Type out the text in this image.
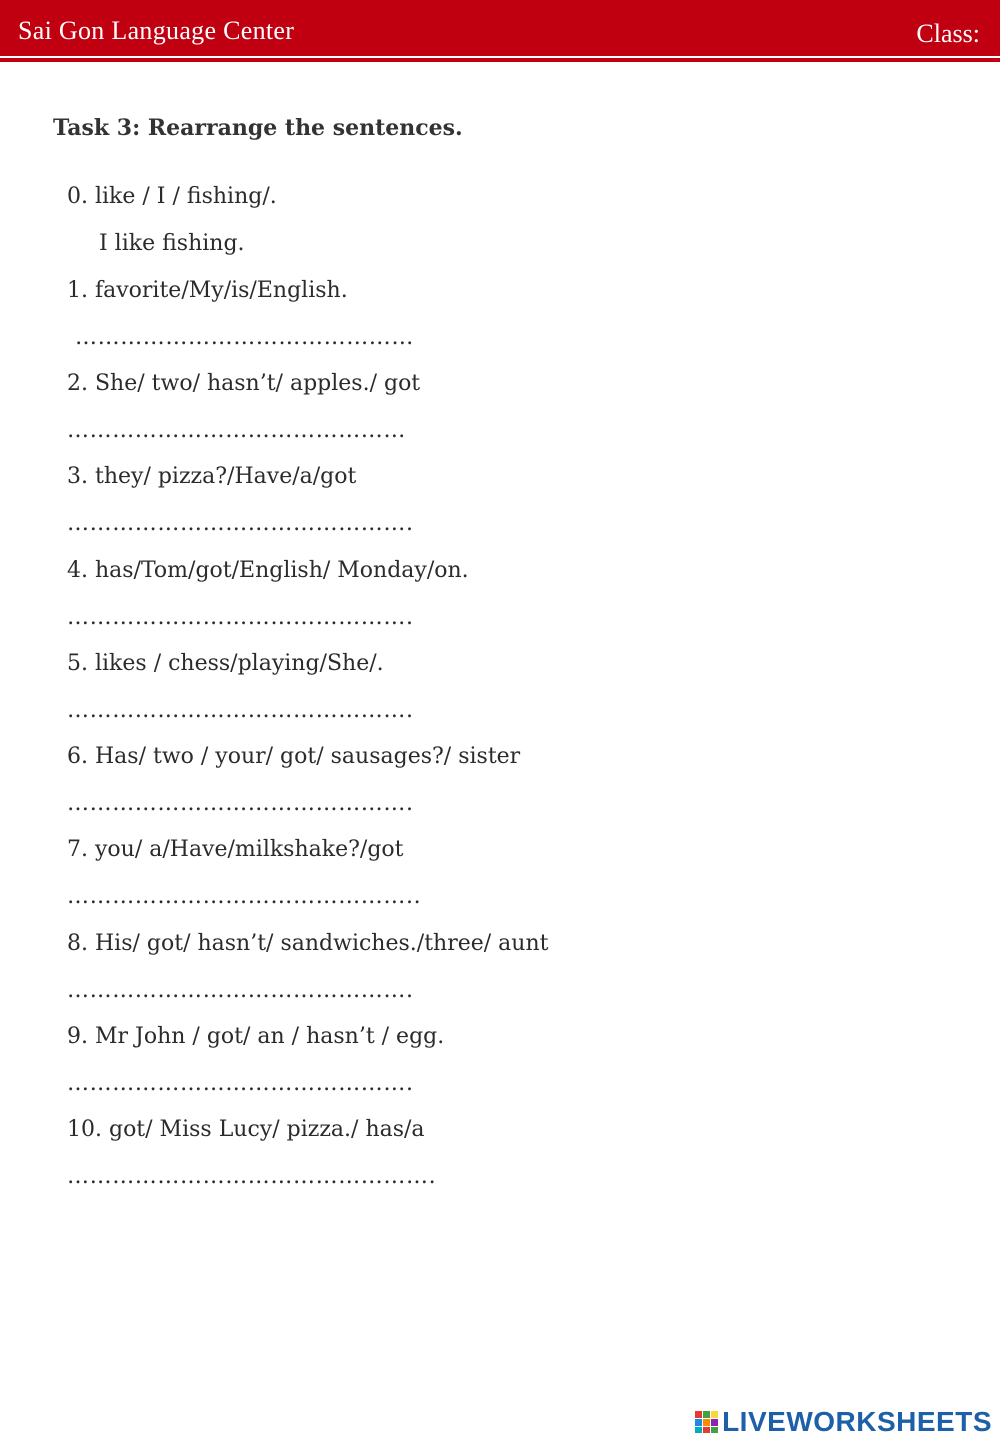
Sai Gon Language Center	Class:
Task 3: Rearrange the sentences.
0. like / I / fishing/.
I like fishing.
1. favorite/My/is/English.
………………………………………
2. She/ two/ hasn’t/ apples./ got
………………………………………
3. they/ pizza?/Have/a/got
……………………………………….
4. has/Tom/got/English/ Monday/on.
……………………………………….
5. likes / chess/playing/She/.
……………………………………….
6. Has/ two / your/ got/ sausages?/ sister
……………………………………….
7. you/ a/Have/milkshake?/got
………………………………………..
8. His/ got/ hasn’t/ sandwiches./three/ aunt
……………………………………….
9. Mr John / got/ an / hasn’t / egg.
……………………………………….
10. got/ Miss Lucy/ pizza./ has/a
………………………………………….
LIVEWORKSHEETS
